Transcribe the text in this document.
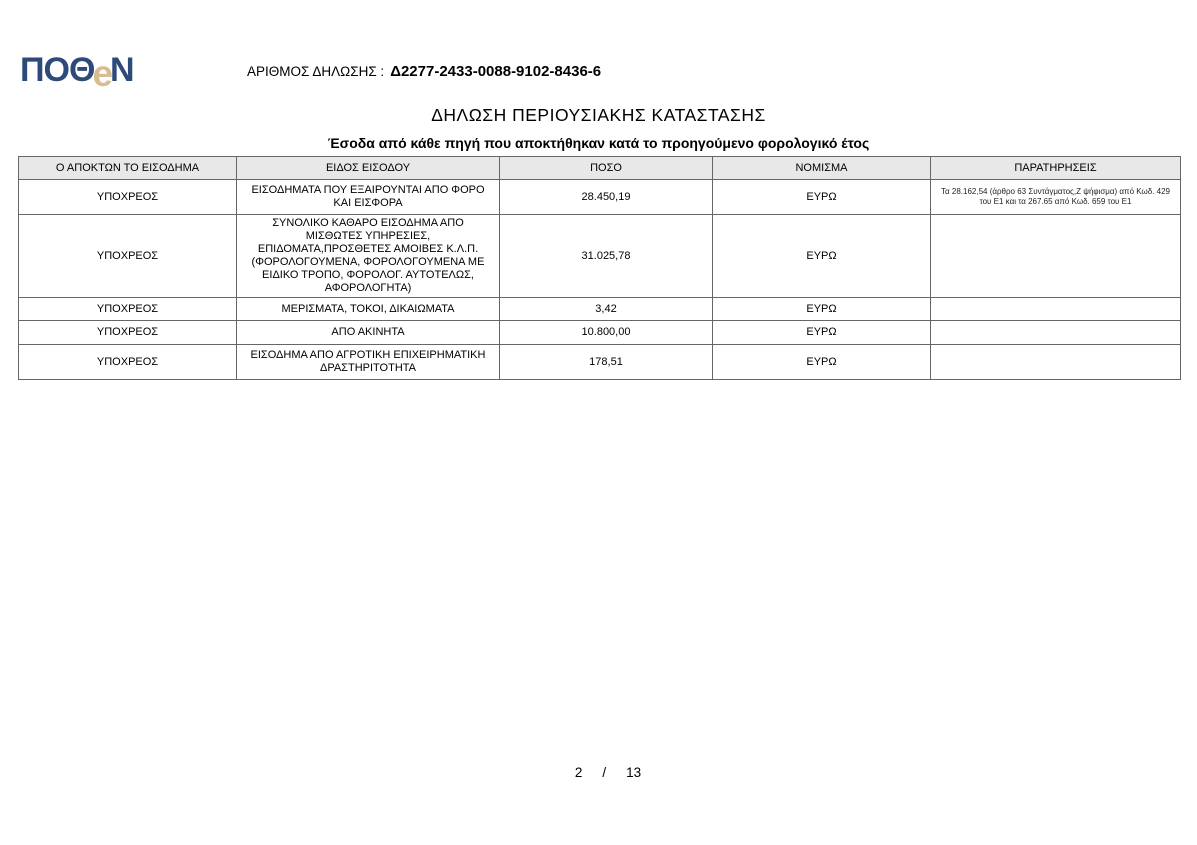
ΠΟΘeΝ	ΑΡΙΘΜΟΣ ΔΗΛΩΣΗΣ : Δ2277-2433-0088-9102-8436-6
ΔΗΛΩΣΗ ΠΕΡΙΟΥΣΙΑΚΗΣ ΚΑΤΑΣΤΑΣΗΣ
Έσοδα από κάθε πηγή που αποκτήθηκαν κατά το προηγούμενο φορολογικό έτος
Ο ΑΠΟΚΤΩΝ ΤΟ ΕΙΣΟΔΗΜΑ	ΕΙΔΟΣ ΕΙΣΟΔΟΥ	ΠΟΣΟ	ΝΟΜΙΣΜΑ	ΠΑΡΑΤΗΡΗΣΕΙΣ
ΥΠΟΧΡΕΟΣ	ΕΙΣΟΔΗΜΑΤΑ ΠΟΥ ΕΞΑΙΡΟΥΝΤΑΙ ΑΠΟ ΦΟΡΟ ΚΑΙ ΕΙΣΦΟΡΑ	28.450,19	ΕΥΡΩ	Τα 28.162,54 (άρθρο 63 Συντάγματος,Ζ ψήφισμα) από Κωδ. 429 του Ε1 και τα 267.65 από Κωδ. 659 του Ε1
ΥΠΟΧΡΕΟΣ	ΣΥΝΟΛΙΚΟ ΚΑΘΑΡΟ ΕΙΣΟΔΗΜΑ ΑΠΟ ΜΙΣΘΩΤΕΣ ΥΠΗΡΕΣΙΕΣ, ΕΠΙΔΟΜΑΤΑ,ΠΡΟΣΘΕΤΕΣ ΑΜΟΙΒΕΣ Κ.Λ.Π.(ΦΟΡΟΛΟΓΟΥΜΕΝΑ, ΦΟΡΟΛΟΓΟΥΜΕΝΑ ΜΕ ΕΙΔΙΚΟ ΤΡΟΠΟ, ΦΟΡΟΛΟΓ. ΑΥΤΟΤΕΛΩΣ, ΑΦΟΡΟΛΟΓΗΤΑ)	31.025,78	ΕΥΡΩ	
ΥΠΟΧΡΕΟΣ	ΜΕΡΙΣΜΑΤΑ, ΤΟΚΟΙ, ΔΙΚΑΙΩΜΑΤΑ	3,42	ΕΥΡΩ	
ΥΠΟΧΡΕΟΣ	ΑΠΟ ΑΚΙΝΗΤΑ	10.800,00	ΕΥΡΩ	
ΥΠΟΧΡΕΟΣ	ΕΙΣΟΔΗΜΑ ΑΠΟ ΑΓΡΟΤΙΚΗ ΕΠΙΧΕΙΡΗΜΑΤΙΚΗ ΔΡΑΣΤΗΡΙΤΟΤΗΤΑ	178,51	ΕΥΡΩ	
2 / 13
